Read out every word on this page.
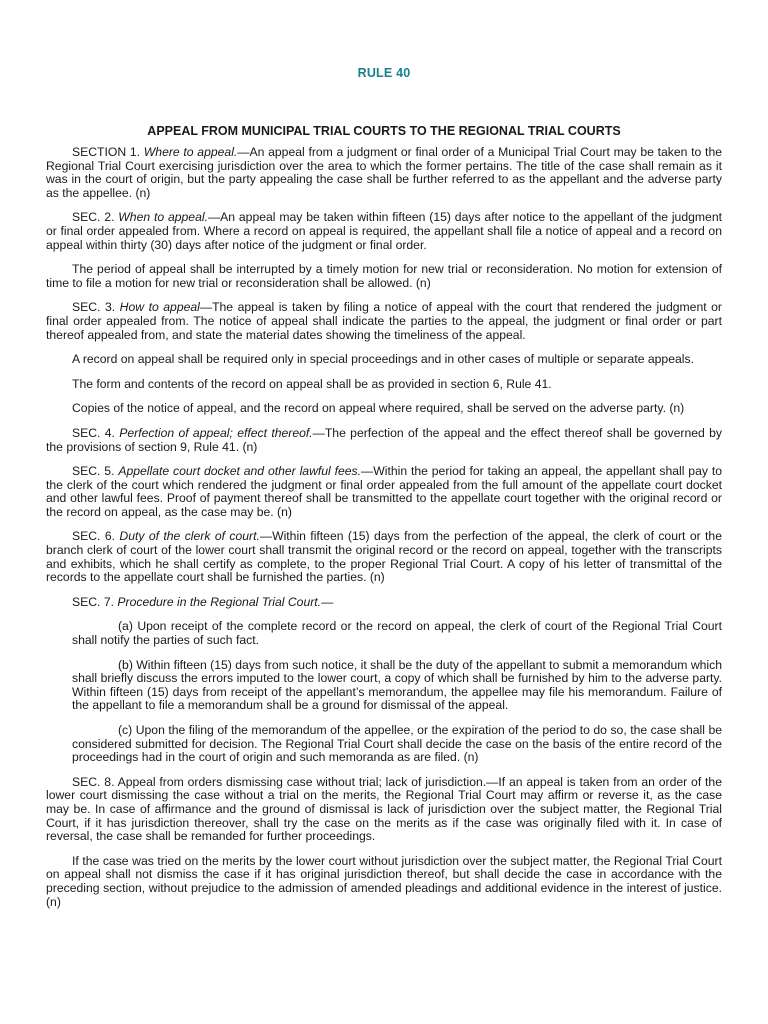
RULE 40
APPEAL FROM MUNICIPAL TRIAL COURTS TO THE REGIONAL TRIAL COURTS

SECTION 1. Where to appeal.—An appeal from a judgment or final order of a Municipal Trial Court may be taken to the Regional Trial Court exercising jurisdiction over the area to which the former pertains. The title of the case shall remain as it was in the court of origin, but the party appealing the case shall be further referred to as the appellant and the adverse party as the appellee. (n)

SEC. 2. When to appeal.—An appeal may be taken within fifteen (15) days after notice to the appellant of the judgment or final order appealed from. Where a record on appeal is required, the appellant shall file a notice of appeal and a record on appeal within thirty (30) days after notice of the judgment or final order.

The period of appeal shall be interrupted by a timely motion for new trial or reconsideration. No motion for extension of time to file a motion for new trial or reconsideration shall be allowed. (n)

SEC. 3. How to appeal—The appeal is taken by filing a notice of appeal with the court that rendered the judgment or final order appealed from. The notice of appeal shall indicate the parties to the appeal, the judgment or final order or part thereof appealed from, and state the material dates showing the timeliness of the appeal.

A record on appeal shall be required only in special proceedings and in other cases of multiple or separate appeals.

The form and contents of the record on appeal shall be as provided in section 6, Rule 41.

Copies of the notice of appeal, and the record on appeal where required, shall be served on the adverse party. (n)

SEC. 4. Perfection of appeal; effect thereof.—The perfection of the appeal and the effect thereof shall be governed by the provisions of section 9, Rule 41. (n)

SEC. 5. Appellate court docket and other lawful fees.—Within the period for taking an appeal, the appellant shall pay to the clerk of the court which rendered the judgment or final order appealed from the full amount of the appellate court docket and other lawful fees. Proof of payment thereof shall be transmitted to the appellate court together with the original record or the record on appeal, as the case may be. (n)

SEC. 6. Duty of the clerk of court.—Within fifteen (15) days from the perfection of the appeal, the clerk of court or the branch clerk of court of the lower court shall transmit the original record or the record on appeal, together with the transcripts and exhibits, which he shall certify as complete, to the proper Regional Trial Court. A copy of his letter of transmittal of the records to the appellate court shall be furnished the parties. (n)

SEC. 7. Procedure in the Regional Trial Court.—

(a) Upon receipt of the complete record or the record on appeal, the clerk of court of the Regional Trial Court shall notify the parties of such fact.

(b) Within fifteen (15) days from such notice, it shall be the duty of the appellant to submit a memorandum which shall briefly discuss the errors imputed to the lower court, a copy of which shall be furnished by him to the adverse party. Within fifteen (15) days from receipt of the appellant’s memorandum, the appellee may file his memorandum. Failure of the appellant to file a memorandum shall be a ground for dismissal of the appeal.

(c) Upon the filing of the memorandum of the appellee, or the expiration of the period to do so, the case shall be considered submitted for decision. The Regional Trial Court shall decide the case on the basis of the entire record of the proceedings had in the court of origin and such memoranda as are filed. (n)

SEC. 8. Appeal from orders dismissing case without trial; lack of jurisdiction.—If an appeal is taken from an order of the lower court dismissing the case without a trial on the merits, the Regional Trial Court may affirm or reverse it, as the case may be. In case of affirmance and the ground of dismissal is lack of jurisdiction over the subject matter, the Regional Trial Court, if it has jurisdiction thereover, shall try the case on the merits as if the case was originally filed with it. In case of reversal, the case shall be remanded for further proceedings.

If the case was tried on the merits by the lower court without jurisdiction over the subject matter, the Regional Trial Court on appeal shall not dismiss the case if it has original jurisdiction thereof, but shall decide the case in accordance with the preceding section, without prejudice to the admission of amended pleadings and additional evidence in the interest of justice. (n)
